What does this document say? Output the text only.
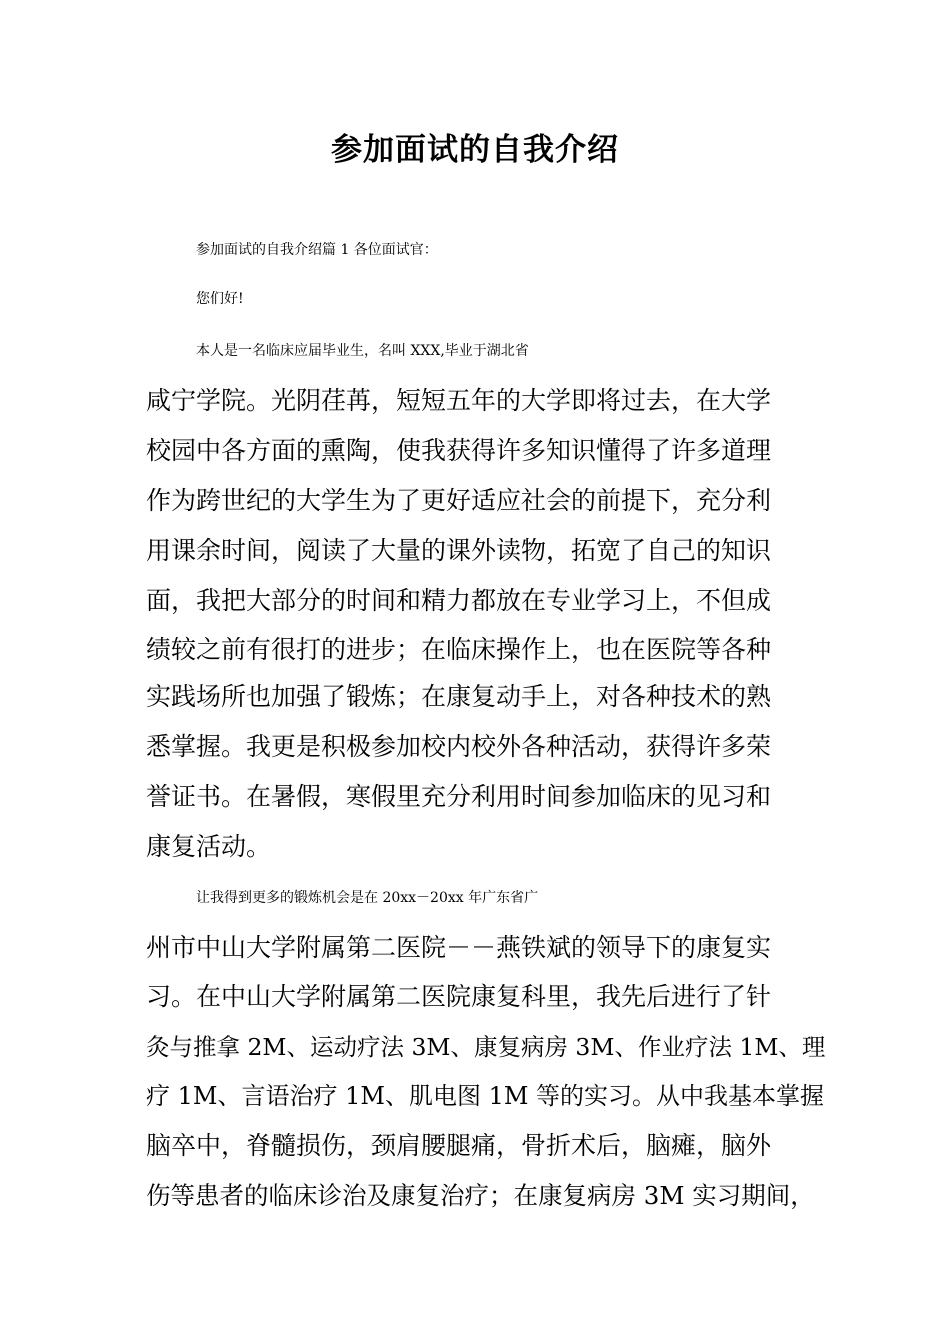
参加面试的自我介绍
参加面试的自我介绍篇 1 各位面试官：
您们好!
本人是一名临床应届毕业生，名叫 XXX,毕业于湖北省
咸宁学院。光阴荏苒，短短五年的大学即将过去，在大学
校园中各方面的熏陶，使我获得许多知识懂得了许多道理
作为跨世纪的大学生为了更好适应社会的前提下，充分利
用课余时间，阅读了大量的课外读物，拓宽了自己的知识
面，我把大部分的时间和精力都放在专业学习上，不但成
绩较之前有很打的进步；在临床操作上，也在医院等各种
实践场所也加强了锻炼；在康复动手上，对各种技术的熟
悉掌握。我更是积极参加校内校外各种活动，获得许多荣
誉证书。在暑假，寒假里充分利用时间参加临床的见习和
康复活动。
让我得到更多的锻炼机会是在 20xx－20xx 年广东省广
州市中山大学附属第二医院－－燕铁斌的领导下的康复实
习。在中山大学附属第二医院康复科里，我先后进行了针
灸与推拿 2M、运动疗法 3M、康复病房 3M、作业疗法 1M、理
疗 1M、言语治疗 1M、肌电图 1M 等的实习。从中我基本掌握
脑卒中，脊髓损伤，颈肩腰腿痛，骨折术后，脑瘫，脑外
伤等患者的临床诊治及康复治疗；在康复病房 3M 实习期间，
